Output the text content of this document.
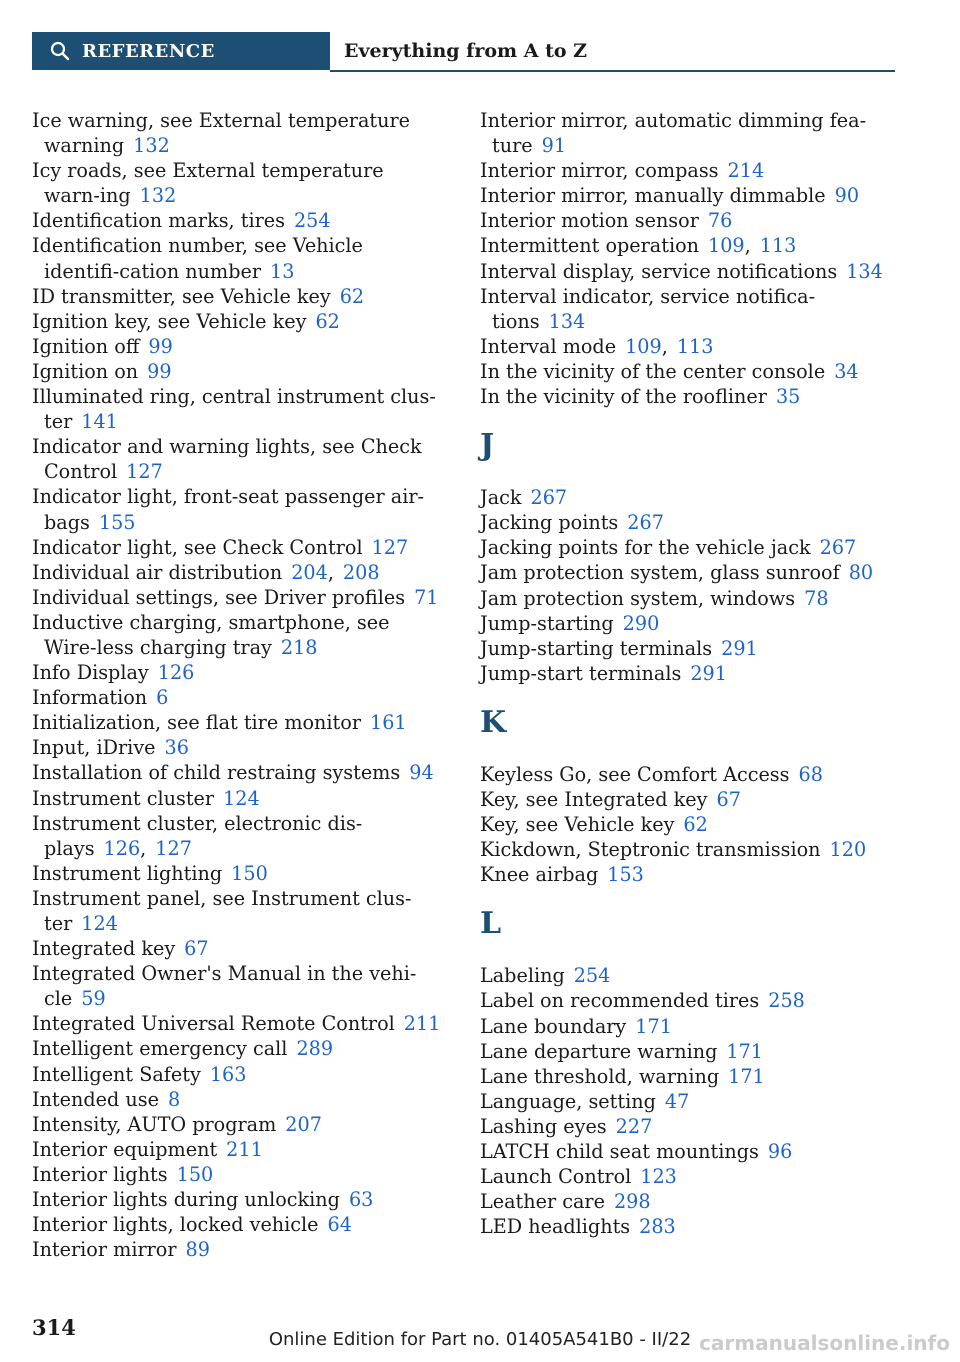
REFERENCE	Everything from A to Z
Ice warning, see External temperature warning 132
Icy roads, see External temperature warn-ing 132
Identification marks, tires 254
Identification number, see Vehicle identifi-cation number 13
ID transmitter, see Vehicle key 62
Ignition key, see Vehicle key 62
Ignition off 99
Ignition on 99
Illuminated ring, central instrument clus-ter 141
Indicator and warning lights, see Check Control 127
Indicator light, front-seat passenger air-bags 155
Indicator light, see Check Control 127
Individual air distribution 204, 208
Individual settings, see Driver profiles 71
Inductive charging, smartphone, see Wire-less charging tray 218
Info Display 126
Information 6
Initialization, see flat tire monitor 161
Input, iDrive 36
Installation of child restraing systems 94
Instrument cluster 124
Instrument cluster, electronic dis-plays 126, 127
Instrument lighting 150
Instrument panel, see Instrument clus-ter 124
Integrated key 67
Integrated Owner's Manual in the vehi-cle 59
Integrated Universal Remote Control 211
Intelligent emergency call 289
Intelligent Safety 163
Intended use 8
Intensity, AUTO program 207
Interior equipment 211
Interior lights 150
Interior lights during unlocking 63
Interior lights, locked vehicle 64
Interior mirror 89
Interior mirror, automatic dimming fea-ture 91
Interior mirror, compass 214
Interior mirror, manually dimmable 90
Interior motion sensor 76
Intermittent operation 109, 113
Interval display, service notifications 134
Interval indicator, service notifica-tions 134
Interval mode 109, 113
In the vicinity of the center console 34
In the vicinity of the roofliner 35
J
Jack 267
Jacking points 267
Jacking points for the vehicle jack 267
Jam protection system, glass sunroof 80
Jam protection system, windows 78
Jump-starting 290
Jump-starting terminals 291
Jump-start terminals 291
K
Keyless Go, see Comfort Access 68
Key, see Integrated key 67
Key, see Vehicle key 62
Kickdown, Steptronic transmission 120
Knee airbag 153
L
Labeling 254
Label on recommended tires 258
Lane boundary 171
Lane departure warning 171
Lane threshold, warning 171
Language, setting 47
Lashing eyes 227
LATCH child seat mountings 96
Launch Control 123
Leather care 298
LED headlights 283
314	Online Edition for Part no. 01405A541B0 - II/22 carmanualsonline.info
